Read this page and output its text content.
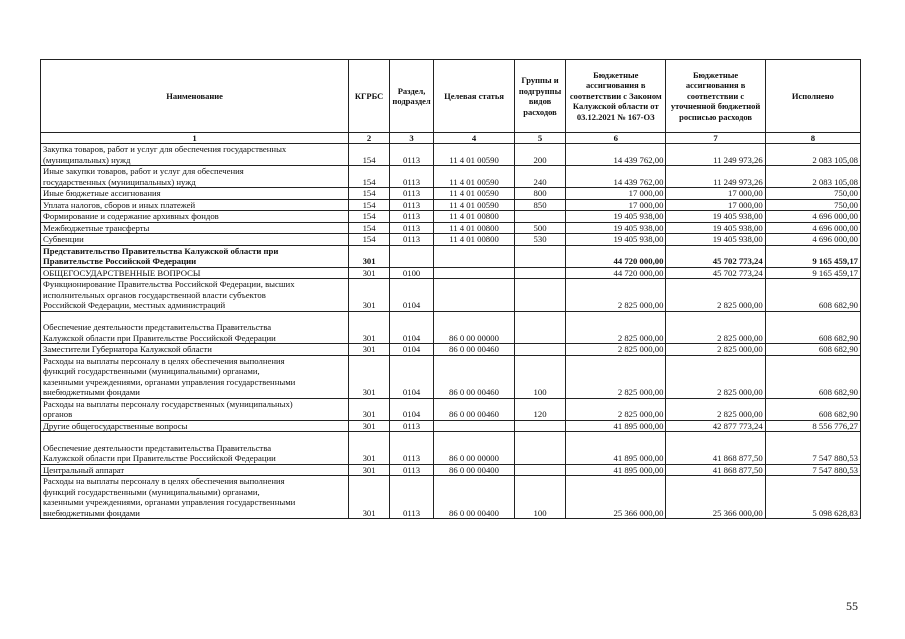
Наименование	КГРБС	Раздел, подраздел	Целевая статья	Группы и подгруппы видов расходов	Бюджетные ассигнования в соответствии с Законом Калужской области от 03.12.2021 № 167-ОЗ	Бюджетные ассигнования в соответствии с уточненной бюджетной росписью расходов	Исполнено
1	2	3	4	5	6	7	8

Закупка товаров, работ и услуг для обеспечения государственных
(муниципальных) нужд	154	0113	11 4 01 00590	200	14 439 762,00	11 249 973,26	2 083 105,08

Иные закупки товаров, работ и услуг для обеспечения
государственных (муниципальных) нужд	154	0113	11 4 01 00590	240	14 439 762,00	11 249 973,26	2 083 105,08

Иные бюджетные ассигнования	154	0113	11 4 01 00590	800	17 000,00	17 000,00	750,00

Уплата налогов, сборов и иных платежей	154	0113	11 4 01 00590	850	17 000,00	17 000,00	750,00

Формирование и содержание архивных фондов	154	0113	11 4 01 00800		19 405 938,00	19 405 938,00	4 696 000,00

Межбюджетные трансферты	154	0113	11 4 01 00800	500	19 405 938,00	19 405 938,00	4 696 000,00

Субвенции	154	0113	11 4 01 00800	530	19 405 938,00	19 405 938,00	4 696 000,00

Представительство Правительства Калужской области при
Правительстве Российской Федерации	301				44 720 000,00	45 702 773,24	9 165 459,17

ОБЩЕГОСУДАРСТВЕННЫЕ ВОПРОСЫ	301	0100			44 720 000,00	45 702 773,24	9 165 459,17

Функционирование Правительства Российской Федерации, высших
исполнительных органов государственной власти субъектов
Российской Федерации, местных администраций	301	0104			2 825 000,00	2 825 000,00	608 682,90

Обеспечение деятельности представительства Правительства
Калужской области при Правительстве Российской Федерации	301	0104	86 0 00 00000		2 825 000,00	2 825 000,00	608 682,90

Заместители Губернатора Калужской области	301	0104	86 0 00 00460		2 825 000,00	2 825 000,00	608 682,90

Расходы на выплаты персоналу в целях обеспечения выполнения
функций государственными (муниципальными) органами,
казенными учреждениями, органами управления государственными
внебюджетными фондами	301	0104	86 0 00 00460	100	2 825 000,00	2 825 000,00	608 682,90

Расходы на выплаты персоналу государственных (муниципальных)
органов	301	0104	86 0 00 00460	120	2 825 000,00	2 825 000,00	608 682,90

Другие общегосударственные вопросы	301	0113			41 895 000,00	42 877 773,24	8 556 776,27

Обеспечение деятельности представительства Правительства
Калужской области при Правительстве Российской Федерации	301	0113	86 0 00 00000		41 895 000,00	41 868 877,50	7 547 880,53

Центральный аппарат	301	0113	86 0 00 00400		41 895 000,00	41 868 877,50	7 547 880,53

Расходы на выплаты персоналу в целях обеспечения выполнения
функций государственными (муниципальными) органами,
казенными учреждениями, органами управления государственными
внебюджетными фондами	301	0113	86 0 00 00400	100	25 366 000,00	25 366 000,00	5 098 628,83
55
